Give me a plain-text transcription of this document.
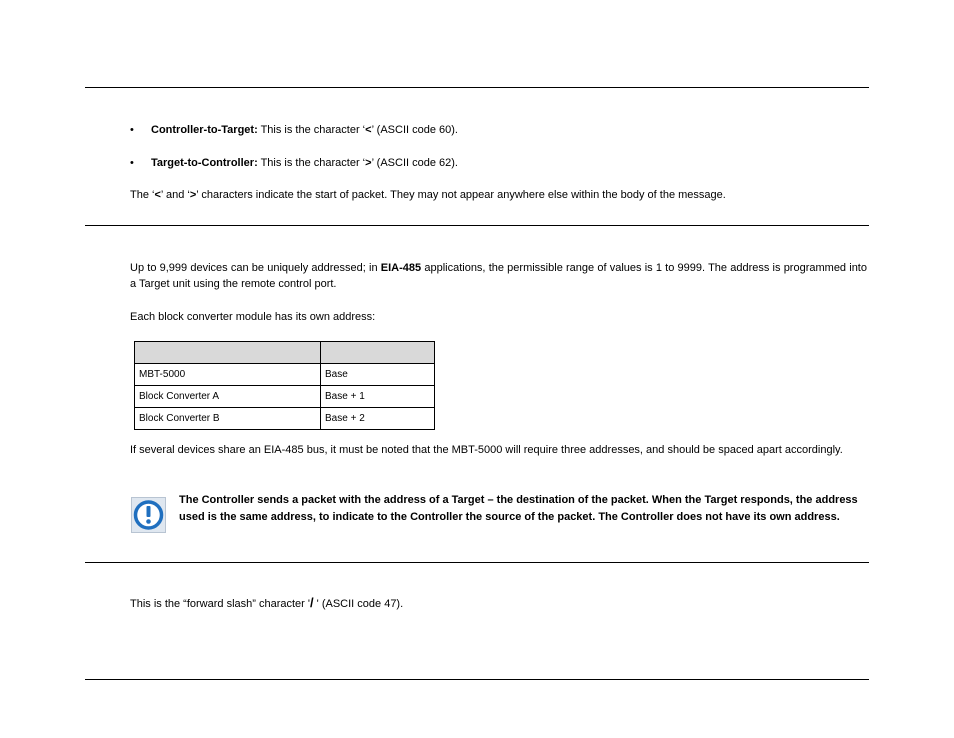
• Controller-to-Target: This is the character ‘<’ (ASCII code 60).
• Target-to-Controller: This is the character ‘>’ (ASCII code 62).
The ‘<’ and ‘>’ characters indicate the start of packet. They may not appear anywhere else within the body of the message.
Up to 9,999 devices can be uniquely addressed; in EIA-485 applications, the permissible range of values is 1 to 9999. The address is programmed into a Target unit using the remote control port.
Each block converter module has its own address:

MBT-5000	Base
Block Converter A	Base + 1
Block Converter B	Base + 2
If several devices share an EIA-485 bus, it must be noted that the MBT-5000 will require three addresses, and should be spaced apart accordingly.
The Controller sends a packet with the address of a Target – the destination of the packet. When the Target responds, the address used is the same address, to indicate to the Controller the source of the packet. The Controller does not have its own address.
This is the “forward slash” character '/ ' (ASCII code 47).
